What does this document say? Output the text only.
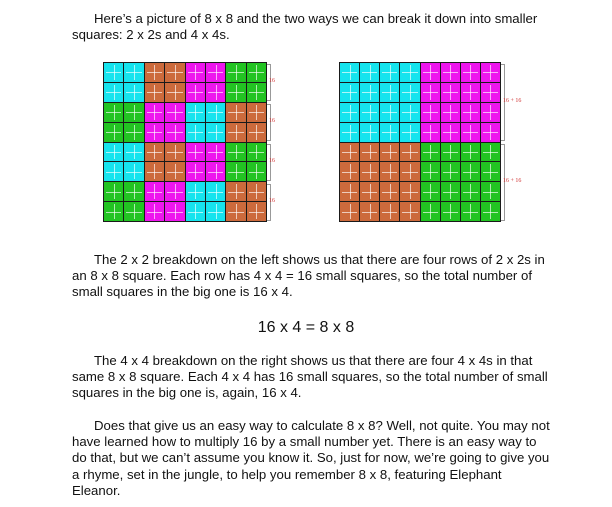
Here’s a picture of 8 x 8 and the two ways we can break it down into smaller squares: 2 x 2s and 4 x 4s.

16
16
16
16
16 + 16
16 + 16

The 2 x 2 breakdown on the left shows us that there are four rows of 2 x 2s in an 8 x 8 square. Each row has 4 x 4 = 16 small squares, so the total number of small squares in the big one is 16 x 4.

16 x 4 = 8 x 8

The 4 x 4 breakdown on the right shows us that there are four 4 x 4s in that same 8 x 8 square. Each 4 x 4 has 16 small squares, so the total number of small squares in the big one is, again, 16 x 4.

Does that give us an easy way to calculate 8 x 8? Well, not quite. You may not have learned how to multiply 16 by a small number yet. There is an easy way to do that, but we can’t assume you know it. So, just for now, we’re going to give you a rhyme, set in the jungle, to help you remember 8 x 8, featuring Elephant Eleanor.
